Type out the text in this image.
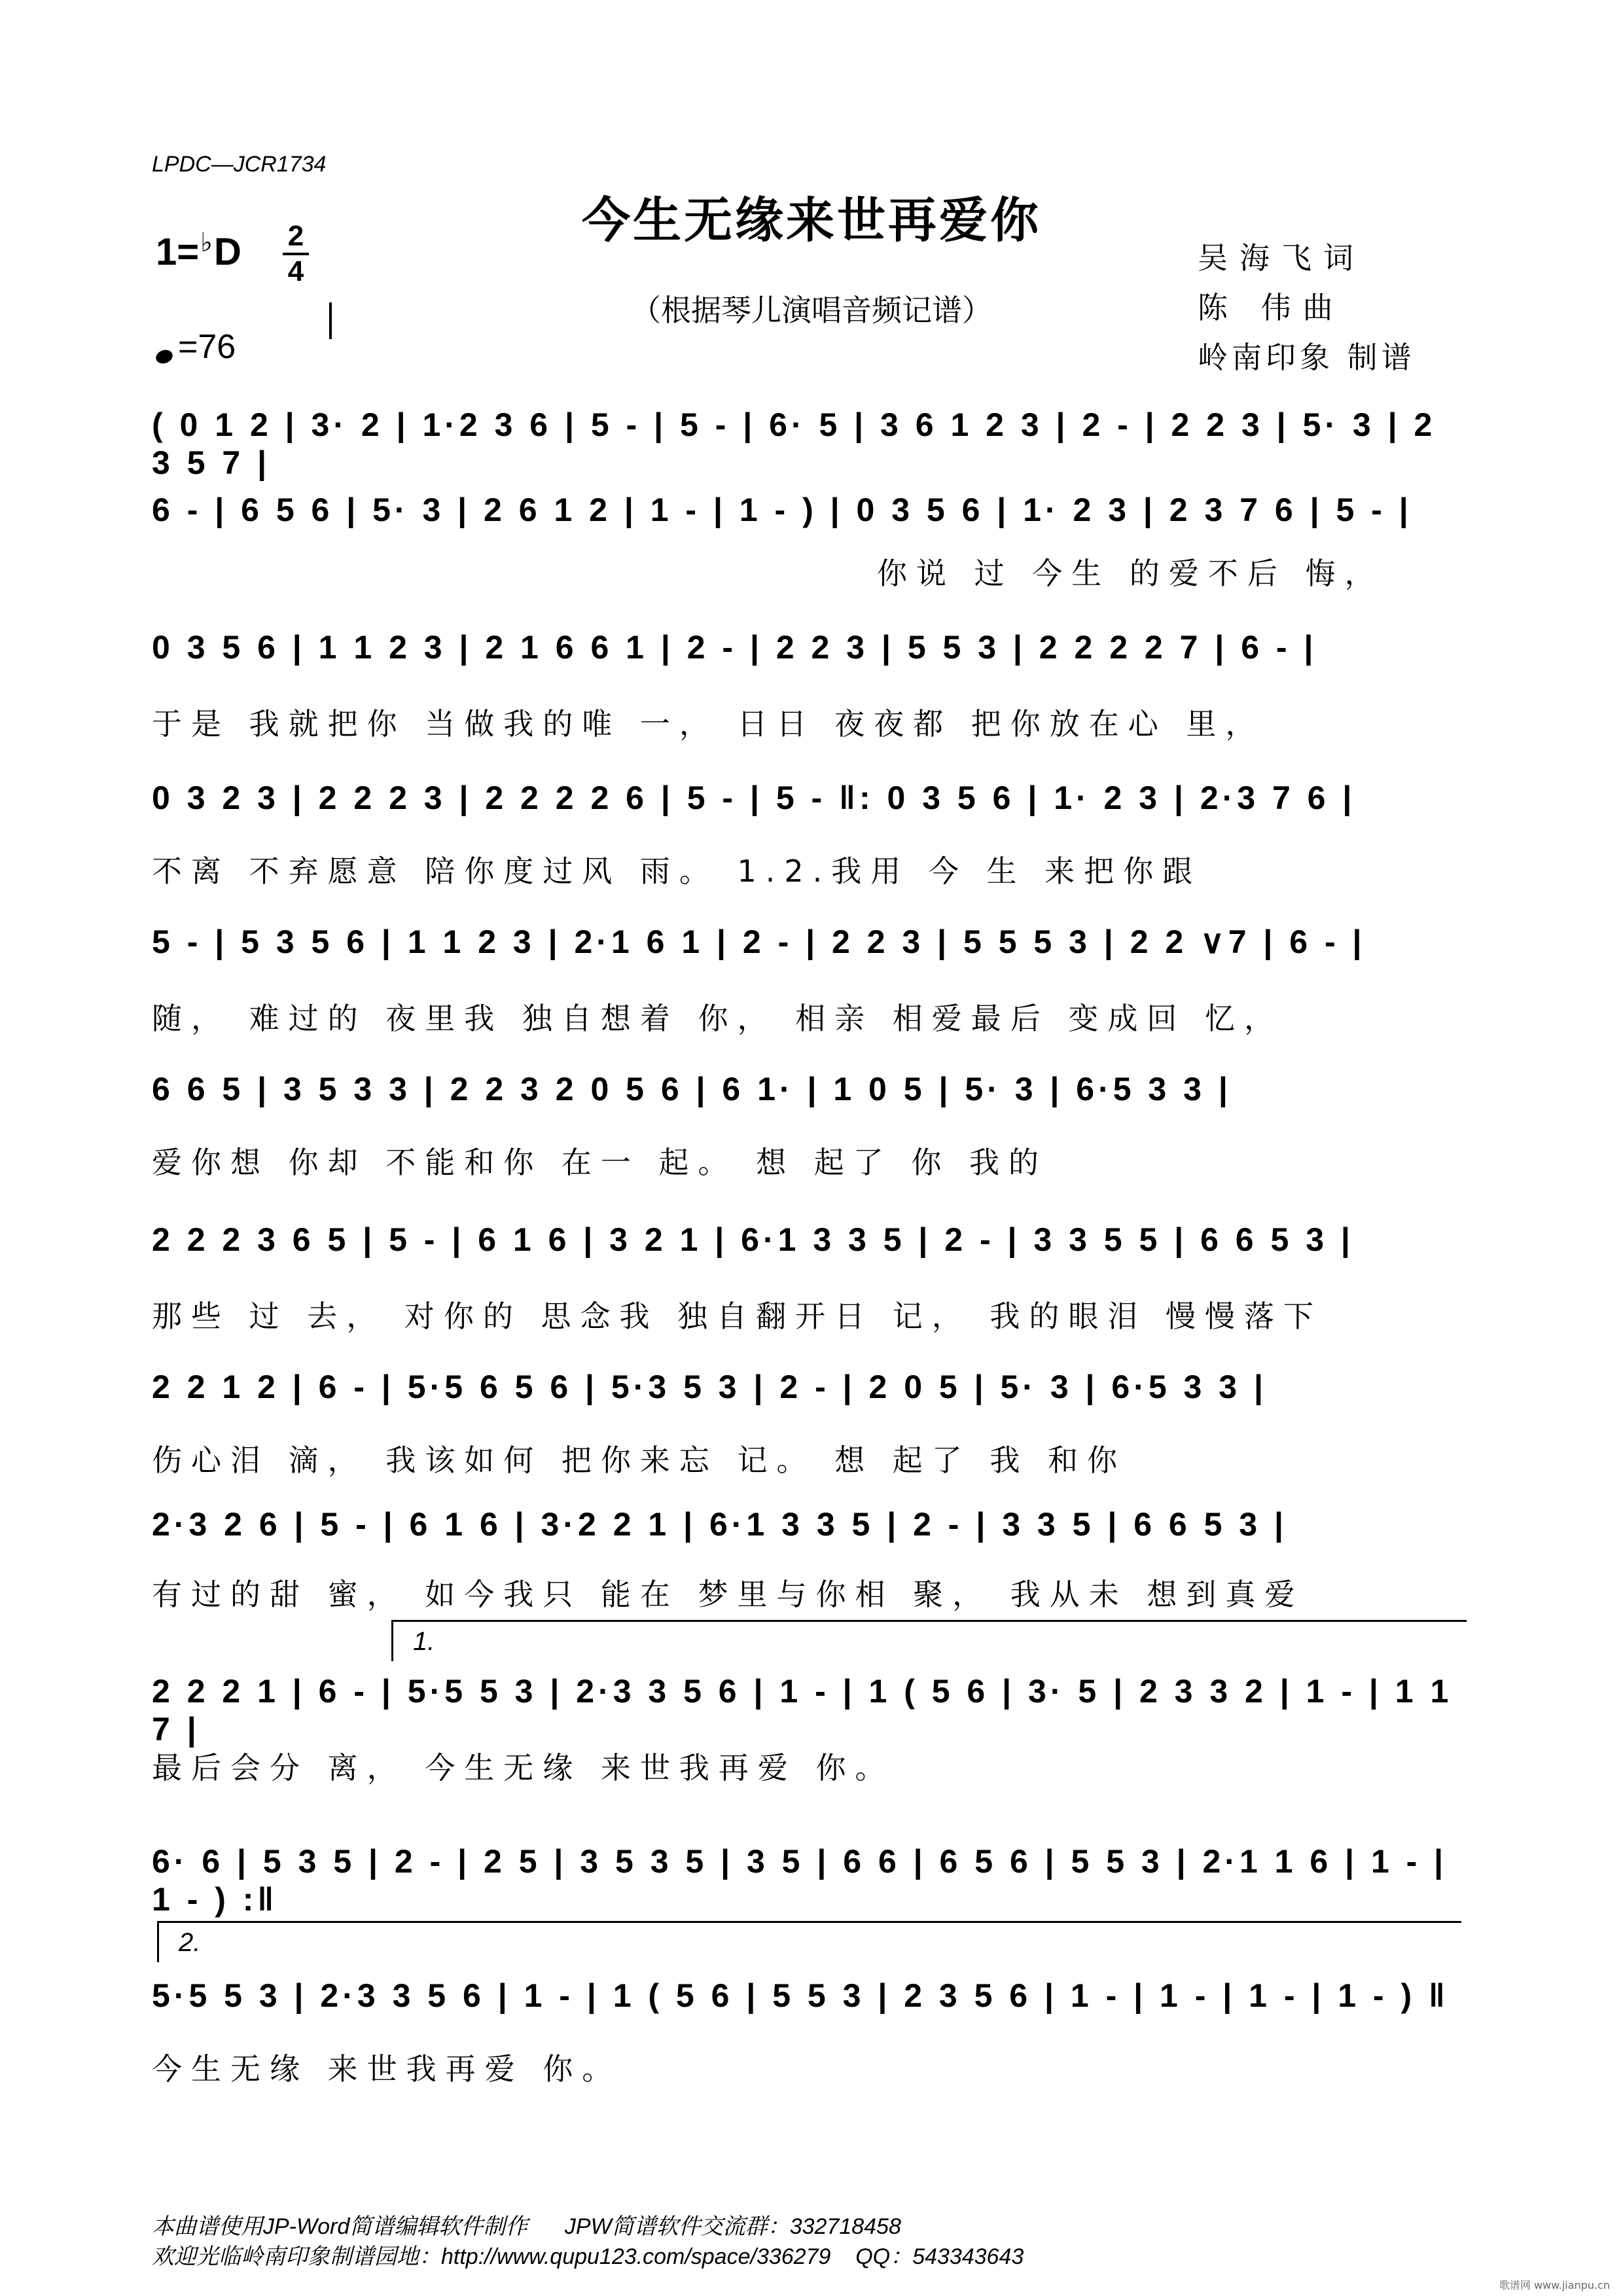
LPDC—JCR1734
今生无缘来世再爱你
（根据琴儿演唱音频记谱）
1=♭D 2
4
=76
吴海飞词
陈 伟曲
岭南印象 制谱
( 0 1 2 | 3· 2 | 1·2 3 6 | 5 - | 5 - | 6· 5 | 3 6 1 2 3 | 2 - | 2 2 3 | 5· 3 | 2 3 5 7 |
6 - | 6 5 6 | 5· 3 | 2 6 1 2 | 1 - | 1 - ) | 0 3 5 6 | 1· 2 3 | 2 3 7 6 | 5 - |
你说 过 今生 的爱不后 悔，
0 3 5 6 | 1 1 2 3 | 2 1 6 6 1 | 2 - | 2 2 3 | 5 5 3 | 2 2 2 2 7 | 6 - |
于是 我就把你 当做我的唯 一， 日日 夜夜都 把你放在心 里，
0 3 2 3 | 2 2 2 3 | 2 2 2 2 6 | 5 - | 5 - ‖: 0 3 5 6 | 1· 2 3 | 2·3 7 6 |
不离 不弃愿意 陪你度过风 雨。 1.2.我用 今 生 来把你跟
5 - | 5 3 5 6 | 1 1 2 3 | 2·1 6 1 | 2 - | 2 2 3 | 5 5 5 3 | 2 2 ∨7 | 6 - |
随， 难过的 夜里我 独自想着 你， 相亲 相爱最后 变成回 忆，
6 6 5 | 3 5 3 3 | 2 2 3 2 0 5 6 | 6 1· | 1 0 5 | 5· 3 | 6·5 3 3 |
爱你想 你却 不能和你 在一 起。 想 起了 你 我的
2 2 2 3 6 5 | 5 - | 6 1 6 | 3 2 1 | 6·1 3 3 5 | 2 - | 3 3 5 5 | 6 6 5 3 |
那些 过 去， 对你的 思念我 独自翻开日 记， 我的眼泪 慢慢落下
2 2 1 2 | 6 - | 5·5 6 5 6 | 5·3 5 3 | 2 - | 2 0 5 | 5· 3 | 6·5 3 3 |
伤心泪 滴， 我该如何 把你来忘 记。 想 起了 我 和你
2·3 2 6 | 5 - | 6 1 6 | 3·2 2 1 | 6·1 3 3 5 | 2 - | 3 3 5 | 6 6 5 3 |
有过的甜 蜜， 如今我只 能在 梦里与你相 聚， 我从未 想到真爱
1.
2 2 2 1 | 6 - | 5·5 5 3 | 2·3 3 5 6 | 1 - | 1 ( 5 6 | 3· 5 | 2 3 3 2 | 1 - | 1 1 7 |
最后会分 离， 今生无缘 来世我再爱 你。
6· 6 | 5 3 5 | 2 - | 2 5 | 3 5 3 5 | 3 5 | 6 6 | 6 5 6 | 5 5 3 | 2·1 1 6 | 1 - | 1 - ) :‖
2.
5·5 5 3 | 2·3 3 5 6 | 1 - | 1 ( 5 6 | 5 5 3 | 2 3 5 6 | 1 - | 1 - | 1 - | 1 - ) ‖
今生无缘 来世我再爱 你。
本曲谱使用JP-Word简谱编辑软件制作 JPW简谱软件交流群：332718458
欢迎光临岭南印象制谱园地：http://www.qupu123.com/space/336279 QQ：543343643
歌谱网 www.jianpu.cn
